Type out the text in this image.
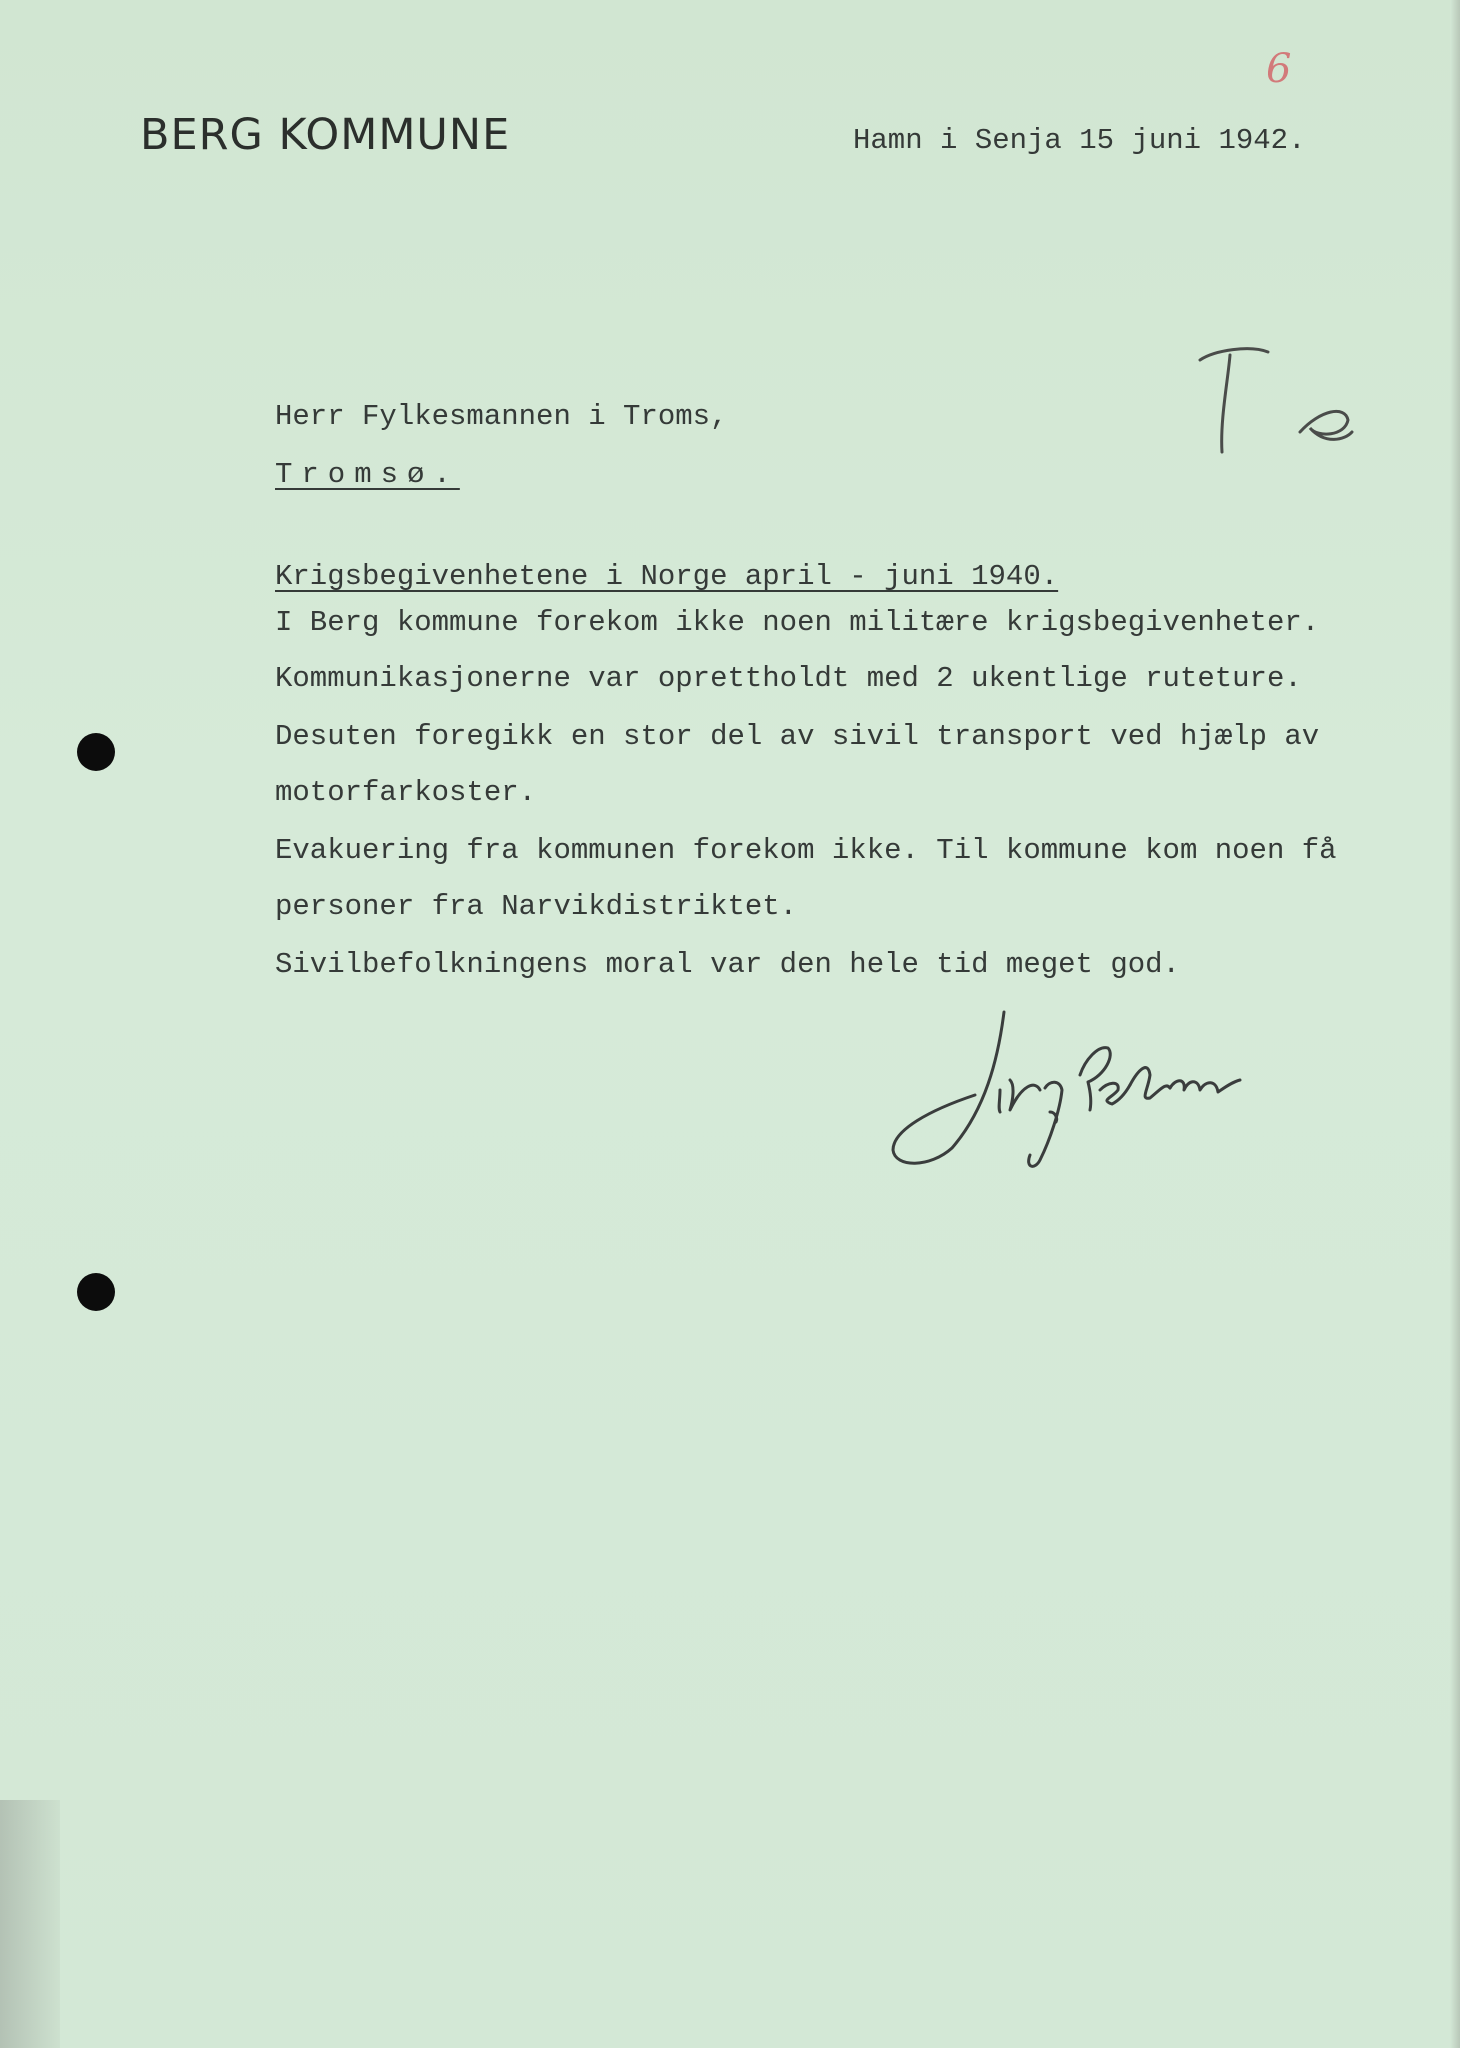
6
BERG KOMMUNE	Hamn i Senja 15 juni 1942.
Herr Fylkesmannen i Troms,
Tromsø.
Krigsbegivenhetene i Norge april - juni 1940.
I Berg kommune forekom ikke noen militære krigsbegivenheter.
Kommunikasjonerne var oprettholdt med 2 ukentlige ruteture.
Desuten foregikk en stor del av sivil transport ved hjælp av
motorfarkoster.
Evakuering fra kommunen forekom ikke. Til kommune kom noen få
personer fra Narvikdistriktet.
Sivilbefolkningens moral var den hele tid meget god.
